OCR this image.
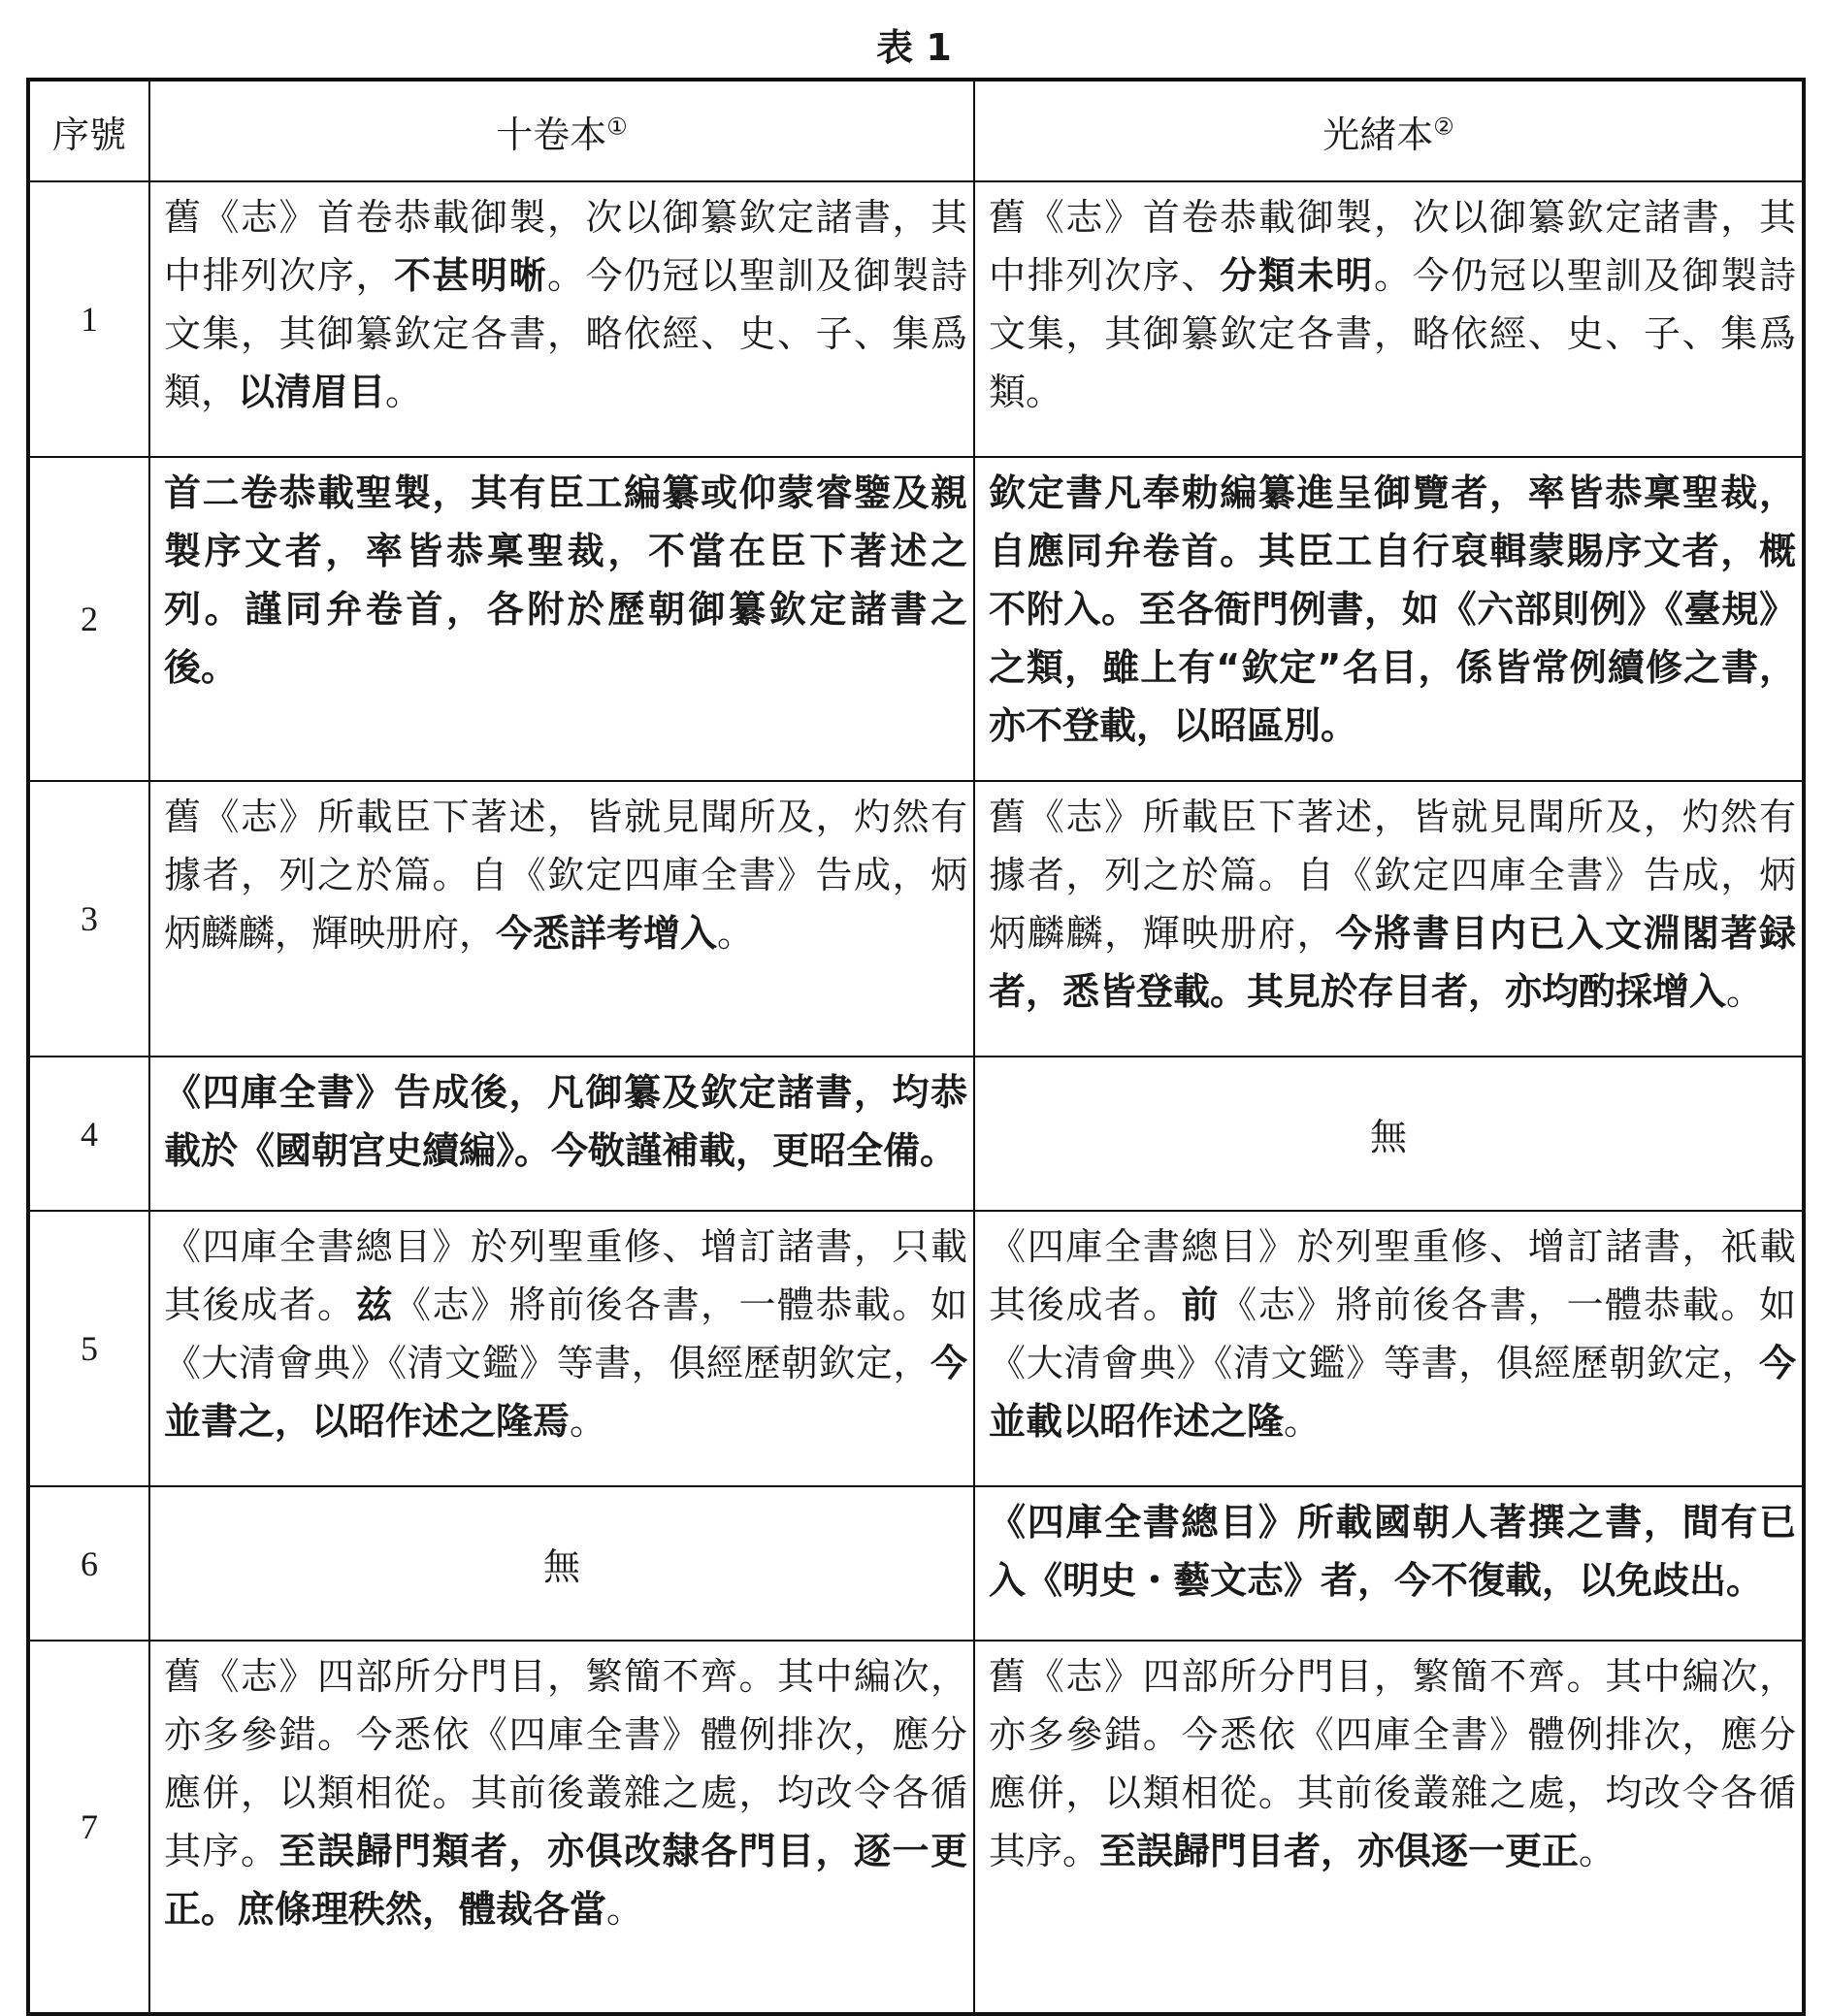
表 1
序號	十卷本①	光緒本②
1	舊《志》首卷恭載御製，次以御纂欽定諸書，其中排列次序，不甚明晰。今仍冠以聖訓及御製詩文集，其御纂欽定各書，略依經、史、子、集爲類，以清眉目。	舊《志》首卷恭載御製，次以御纂欽定諸書，其中排列次序、分類未明。今仍冠以聖訓及御製詩文集，其御纂欽定各書，略依經、史、子、集爲類。
2	首二卷恭載聖製，其有臣工編纂或仰蒙睿鑒及親製序文者，率皆恭稟聖裁，不當在臣下著述之列。謹同弁卷首，各附於歷朝御纂欽定諸書之後。	欽定書凡奉勅編纂進呈御覽者，率皆恭稟聖裁，自應同弁卷首。其臣工自行裒輯蒙賜序文者，概不附入。至各衙門例書，如《六部則例》《臺規》之類，雖上有“欽定”名目，係皆常例續修之書，亦不登載，以昭區別。
3	舊《志》所載臣下著述，皆就見聞所及，灼然有據者，列之於篇。自《欽定四庫全書》告成，炳炳麟麟，輝映册府，今悉詳考增入。	舊《志》所載臣下著述，皆就見聞所及，灼然有據者，列之於篇。自《欽定四庫全書》告成，炳炳麟麟，輝映册府，今將書目内已入文淵閣著録者，悉皆登載。其見於存目者，亦均酌採增入。
4	《四庫全書》告成後，凡御纂及欽定諸書，均恭載於《國朝宫史續編》。今敬謹補載，更昭全備。	無
5	《四庫全書總目》於列聖重修、增訂諸書，只載其後成者。兹《志》將前後各書，一體恭載。如《大清會典》《清文鑑》等書，俱經歷朝欽定，今並書之，以昭作述之隆焉。	《四庫全書總目》於列聖重修、增訂諸書，祇載其後成者。前《志》將前後各書，一體恭載。如《大清會典》《清文鑑》等書，俱經歷朝欽定，今並載以昭作述之隆。
6	無	《四庫全書總目》所載國朝人著撰之書，間有已入《明史・藝文志》者，今不復載，以免歧出。
7	舊《志》四部所分門目，繁簡不齊。其中編次，亦多參錯。今悉依《四庫全書》體例排次，應分應併，以類相從。其前後叢雜之處，均改令各循其序。至誤歸門類者，亦俱改隸各門目，逐一更正。庶條理秩然，體裁各當。	舊《志》四部所分門目，繁簡不齊。其中編次，亦多參錯。今悉依《四庫全書》體例排次，應分應併，以類相從。其前後叢雜之處，均改令各循其序。至誤歸門目者，亦俱逐一更正。
